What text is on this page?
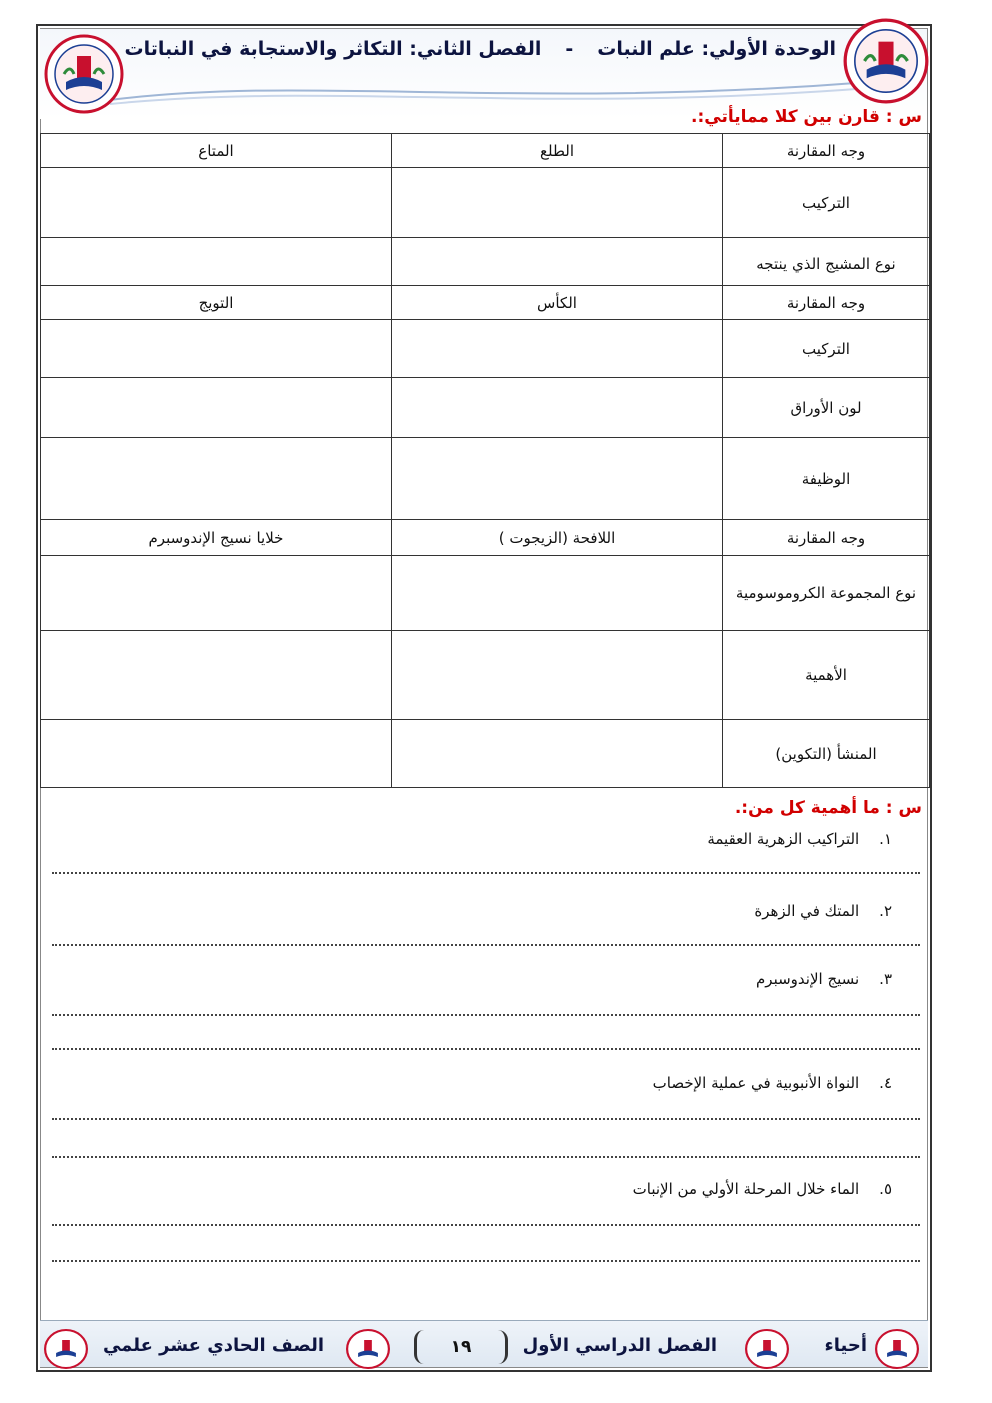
الوحدة الأولي: علم النبات
-
الفصل الثاني: التكاثر والاستجابة في النباتات
س : قارن بين كلا ممايأتي:.
وجه المقارنة	الطلع	المتاع
التركيب		
نوع المشيج الذي ينتجه		
وجه المقارنة	الكأس	التويج
التركيب		
لون الأوراق		
الوظيفة		
وجه المقارنة	اللافحة (الزيجوت )	خلايا نسيج الإندوسبرم
نوع المجموعة الكروموسومية		
الأهمية		
المنشأ (التكوين)		
س : ما أهمية كل من:.
١. التراكيب الزهرية العقيمة
٢. المتك في الزهرة
٣. نسيج الإندوسبرم
٤. النواة الأنبوبية في عملية الإخصاب
٥. الماء خلال المرحلة الأولي من الإنبات
أحياء
الفصل الدراسي الأول
١٩
الصف الحادي عشر علمي
